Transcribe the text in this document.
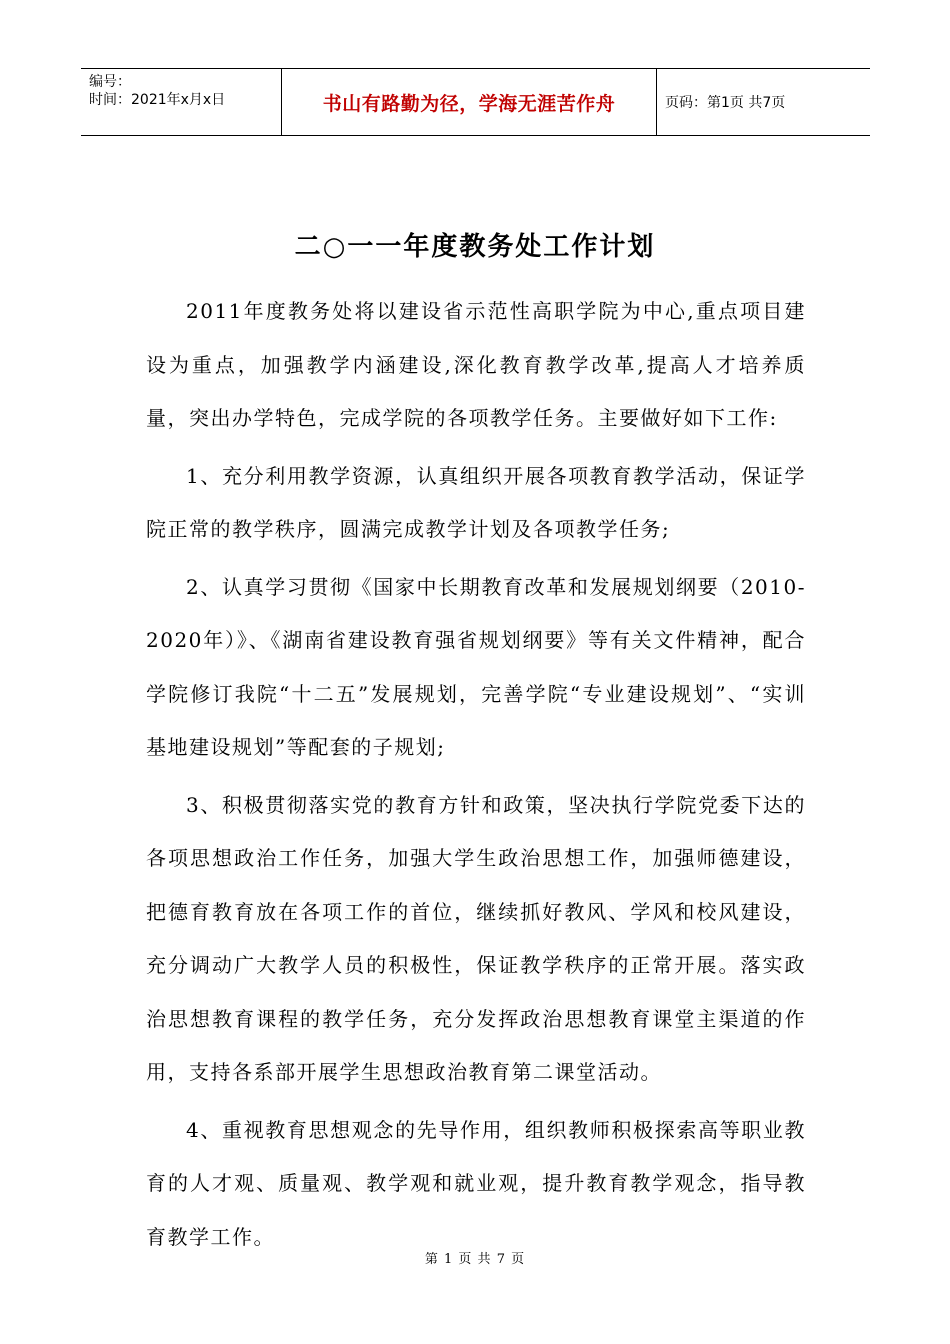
编号：
时间：2021年x月x日	书山有路勤为径，学海无涯苦作舟	页码：第1页 共7页
二○一一年度教务处工作计划

2011年度教务处将以建设省示范性高职学院为中心,重点项目建设为重点，加强教学内涵建设,深化教育教学改革,提高人才培养质量，突出办学特色，完成学院的各项教学任务。主要做好如下工作:

1、充分利用教学资源，认真组织开展各项教育教学活动，保证学院正常的教学秩序，圆满完成教学计划及各项教学任务;

2、认真学习贯彻《国家中长期教育改革和发展规划纲要（2010-2020年）》、《湖南省建设教育强省规划纲要》等有关文件精神，配合学院修订我院“十二五”发展规划，完善学院“专业建设规划”、“实训基地建设规划”等配套的子规划;

3、积极贯彻落实党的教育方针和政策，坚决执行学院党委下达的各项思想政治工作任务，加强大学生政治思想工作，加强师德建设，把德育教育放在各项工作的首位，继续抓好教风、学风和校风建设，充分调动广大教学人员的积极性，保证教学秩序的正常开展。落实政治思想教育课程的教学任务，充分发挥政治思想教育课堂主渠道的作用，支持各系部开展学生思想政治教育第二课堂活动。

4、重视教育思想观念的先导作用，组织教师积极探索高等职业教育的人才观、质量观、教学观和就业观，提升教育教学观念，指导教育教学工作。

第 1 页 共 7 页
